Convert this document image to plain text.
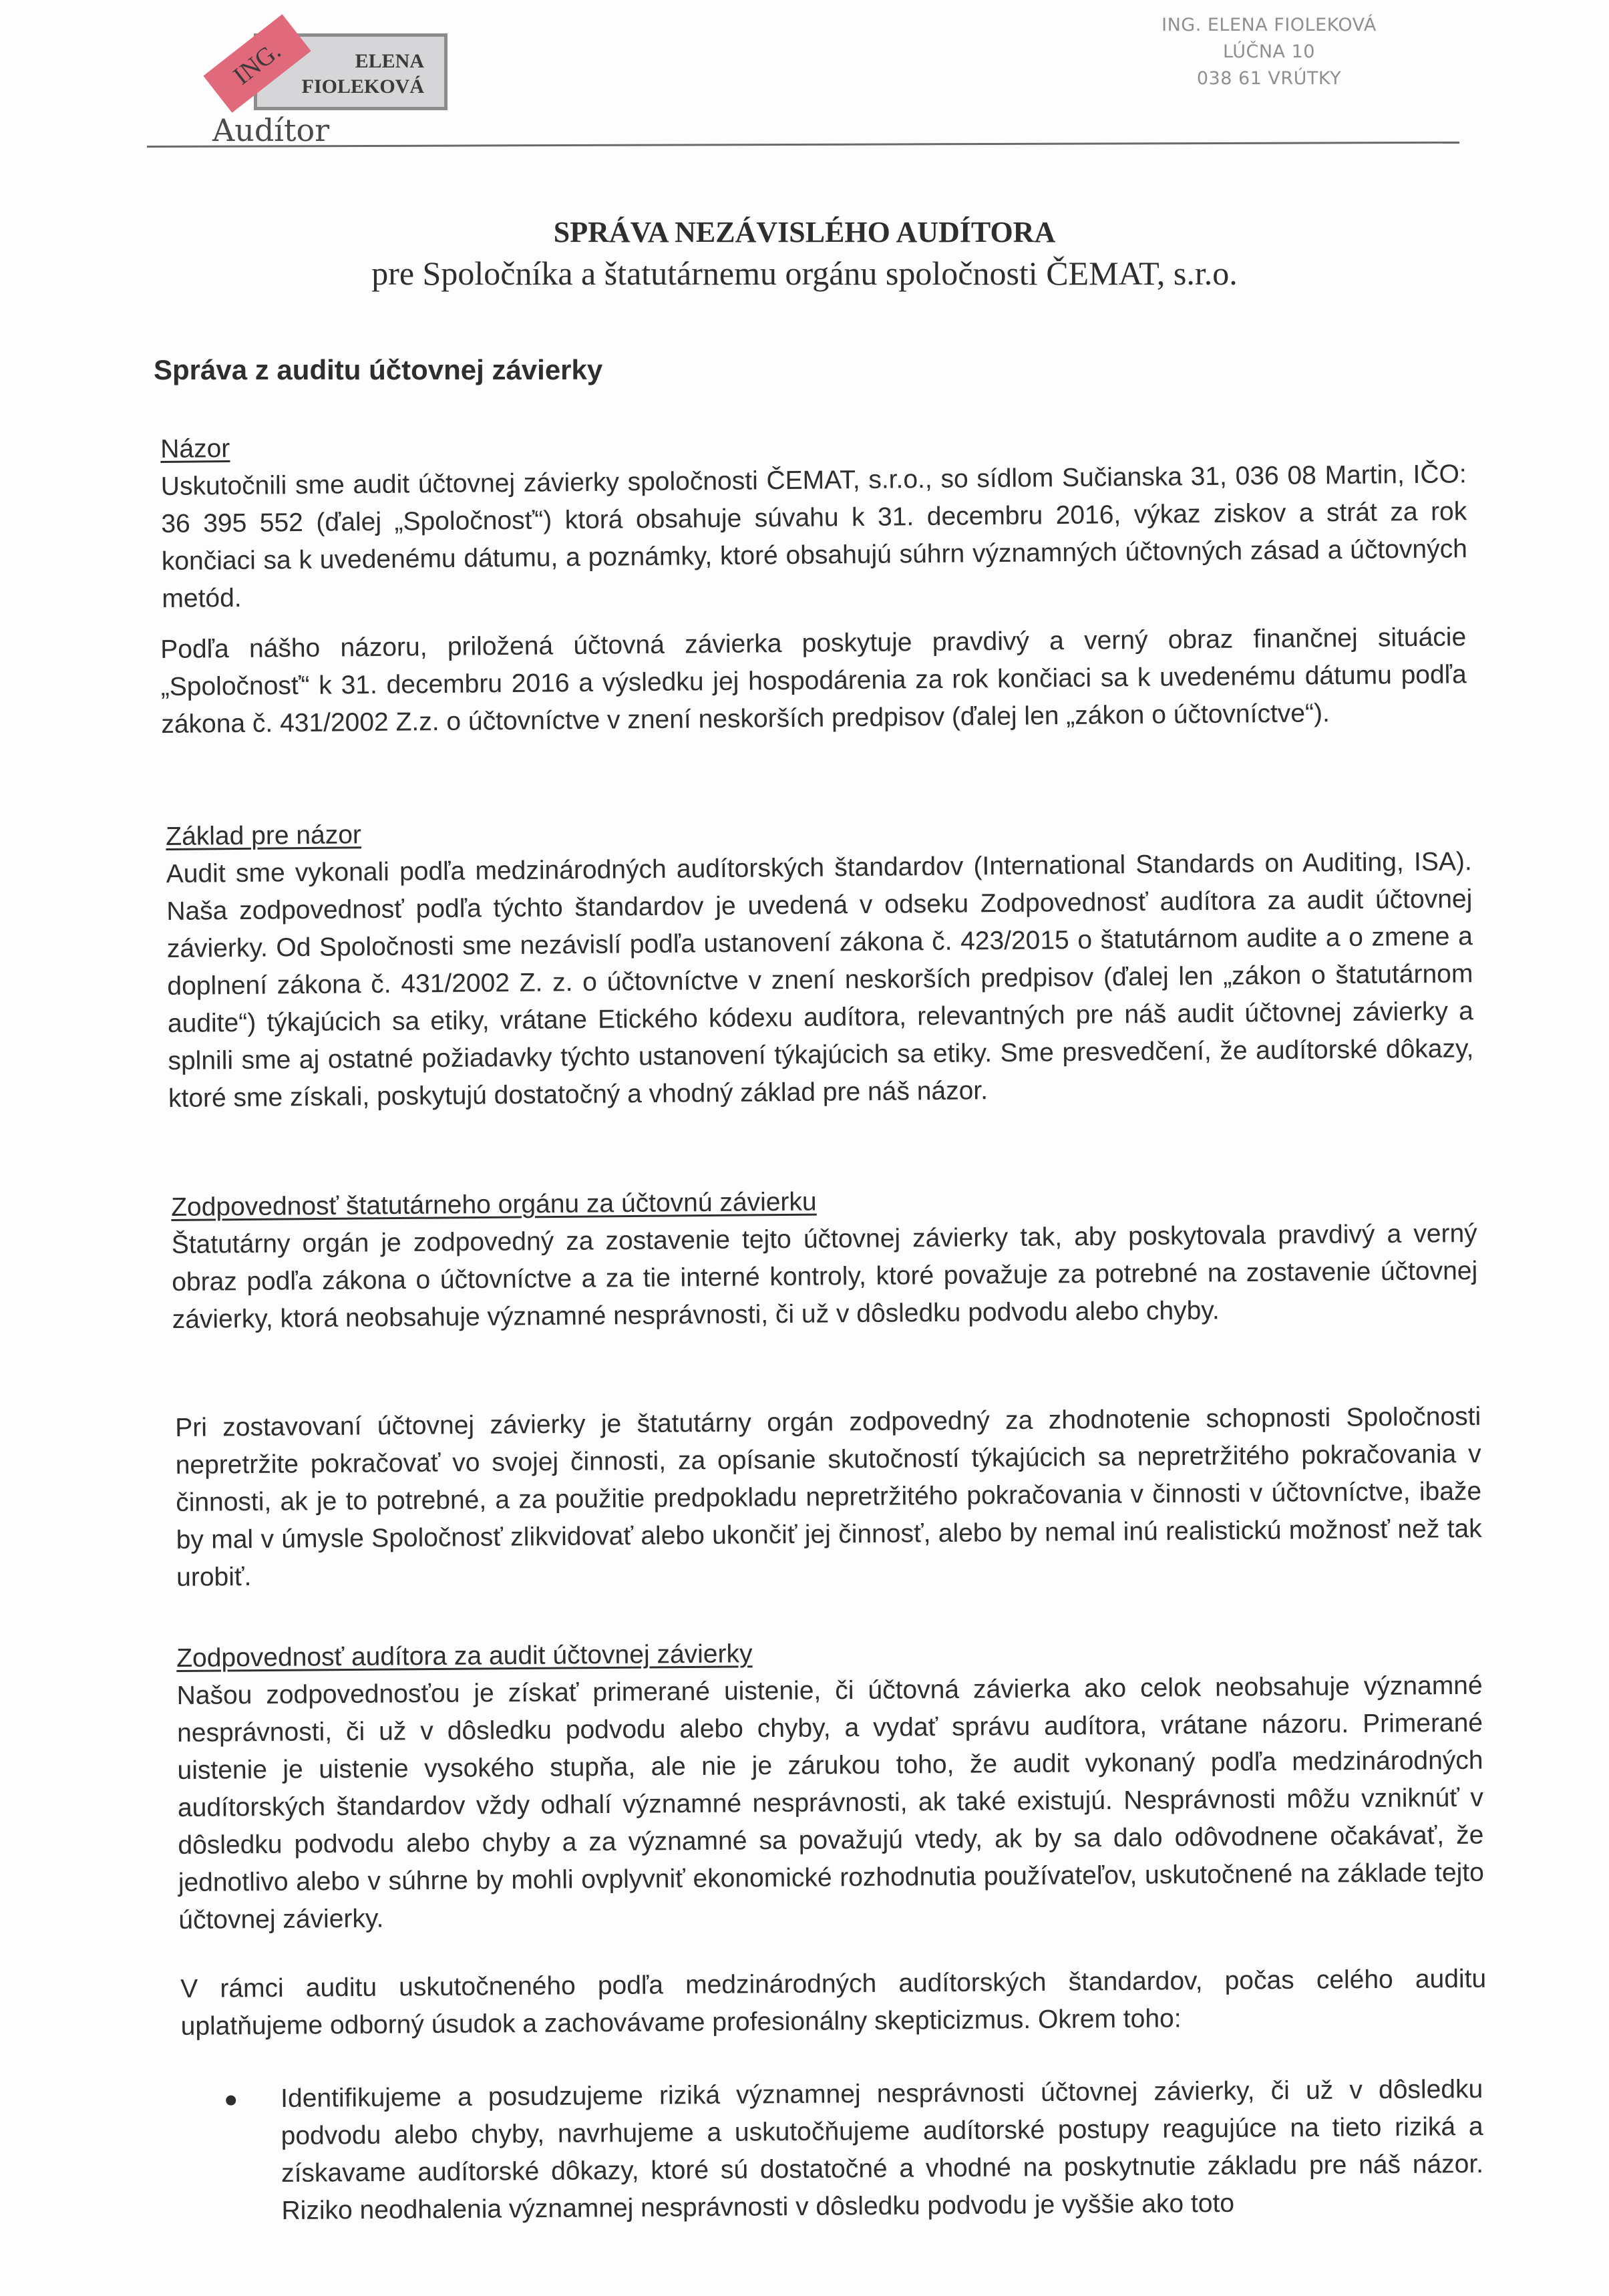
ELENA
FIOLEKOVÁ
ING.
Audítor
ING. ELENA FIOLEKOVÁ
LÚČNA 10
038 61 VRÚTKY
SPRÁVA NEZÁVISLÉHO AUDÍTORA
pre Spoločníka a štatutárnemu orgánu spoločnosti ČEMAT, s.r.o.
Správa z auditu účtovnej závierky
Názor

Uskutočnili sme audit účtovnej závierky spoločnosti ČEMAT, s.r.o., so sídlom Sučianska 31, 036 08 Martin, IČO: 36 395 552 (ďalej „Spoločnosť“) ktorá obsahuje súvahu k 31. decembru 2016, výkaz ziskov a strát za rok končiaci sa k uvedenému dátumu, a poznámky, ktoré obsahujú súhrn významných účtovných zásad a účtovných metód.

Podľa nášho názoru, priložená účtovná závierka poskytuje pravdivý a verný obraz finančnej situácie „Spoločnosť“ k 31. decembru 2016 a výsledku jej hospodárenia za rok končiaci sa k uvedenému dátumu podľa zákona č. 431/2002 Z.z. o účtovníctve v znení neskorších predpisov (ďalej len „zákon o účtovníctve“).

Základ pre názor

Audit sme vykonali podľa medzinárodných audítorských štandardov (International Standards on Auditing, ISA). Naša zodpovednosť podľa týchto štandardov je uvedená v odseku Zodpovednosť audítora za audit účtovnej závierky. Od Spoločnosti sme nezávislí podľa ustanovení zákona č. 423/2015 o štatutárnom audite a o zmene a doplnení zákona č. 431/2002 Z. z. o účtovníctve v znení neskorších predpisov (ďalej len „zákon o štatutárnom audite“) týkajúcich sa etiky, vrátane Etického kódexu audítora, relevantných pre náš audit účtovnej závierky a splnili sme aj ostatné požiadavky týchto ustanovení týkajúcich sa etiky. Sme presvedčení, že audítorské dôkazy, ktoré sme získali, poskytujú dostatočný a vhodný základ pre náš názor.

Zodpovednosť štatutárneho orgánu za účtovnú závierku

Štatutárny orgán je zodpovedný za zostavenie tejto účtovnej závierky tak, aby poskytovala pravdivý a verný obraz podľa zákona o účtovníctve a za tie interné kontroly, ktoré považuje za potrebné na zostavenie účtovnej závierky, ktorá neobsahuje významné nesprávnosti, či už v dôsledku podvodu alebo chyby.

Pri zostavovaní účtovnej závierky je štatutárny orgán zodpovedný za zhodnotenie schopnosti Spoločnosti nepretržite pokračovať vo svojej činnosti, za opísanie skutočností týkajúcich sa nepretržitého pokračovania v činnosti, ak je to potrebné, a za použitie predpokladu nepretržitého pokračovania v činnosti v účtovníctve, ibaže by mal v úmysle Spoločnosť zlikvidovať alebo ukončiť jej činnosť, alebo by nemal inú realistickú možnosť než tak urobiť.

Zodpovednosť audítora za audit účtovnej závierky

Našou zodpovednosťou je získať primerané uistenie, či účtovná závierka ako celok neobsahuje významné nesprávnosti, či už v dôsledku podvodu alebo chyby, a vydať správu audítora, vrátane názoru. Primerané uistenie je uistenie vysokého stupňa, ale nie je zárukou toho, že audit vykonaný podľa medzinárodných audítorských štandardov vždy odhalí významné nesprávnosti, ak také existujú. Nesprávnosti môžu vzniknúť v dôsledku podvodu alebo chyby a za významné sa považujú vtedy, ak by sa dalo odôvodnene očakávať, že jednotlivo alebo v súhrne by mohli ovplyvniť ekonomické rozhodnutia používateľov, uskutočnené na základe tejto účtovnej závierky.

V rámci auditu uskutočneného podľa medzinárodných audítorských štandardov, počas celého auditu uplatňujeme odborný úsudok a zachovávame profesionálny skepticizmus. Okrem toho:

Identifikujeme a posudzujeme riziká významnej nesprávnosti účtovnej závierky, či už v dôsledku podvodu alebo chyby, navrhujeme a uskutočňujeme audítorské postupy reagujúce na tieto riziká a získavame audítorské dôkazy, ktoré sú dostatočné a vhodné na poskytnutie základu pre náš názor. Riziko neodhalenia významnej nesprávnosti v dôsledku podvodu je vyššie ako toto
